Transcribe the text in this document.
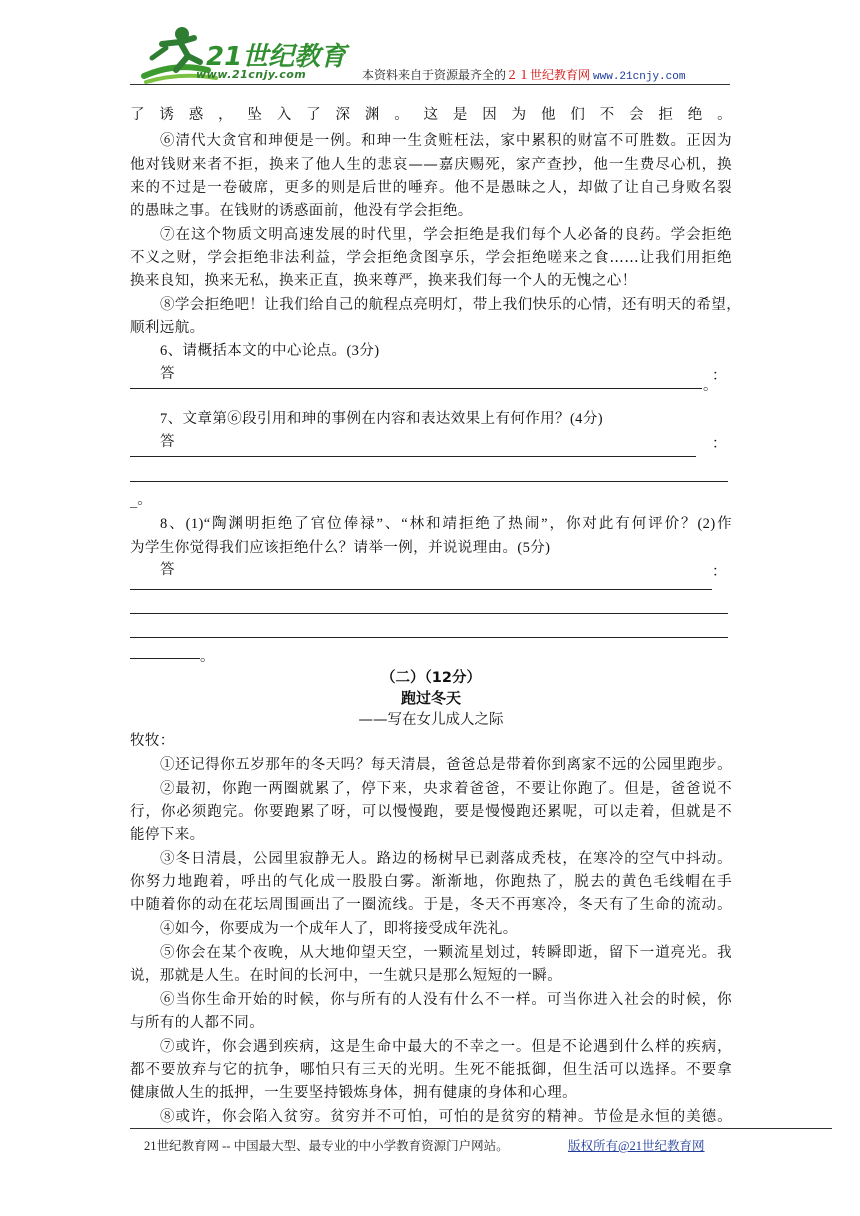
21世纪教育
www.21cnjy.com	本资料来自于资源最齐全的２１世纪教育网 www.21cnjy.com
了诱惑，坠入了深渊。这是因为他们不会拒绝。
⑥清代大贪官和珅便是一例。和珅一生贪赃枉法，家中累积的财富不可胜数。正因为
他对钱财来者不拒，换来了他人生的悲哀——嘉庆赐死，家产查抄，他一生费尽心机，换
来的不过是一卷破席，更多的则是后世的唾弃。他不是愚昧之人，却做了让自己身败名裂
的愚昧之事。在钱财的诱惑面前，他没有学会拒绝。
⑦在这个物质文明高速发展的时代里，学会拒绝是我们每个人必备的良药。学会拒绝
不义之财，学会拒绝非法利益，学会拒绝贪图享乐，学会拒绝嗟来之食……让我们用拒绝
换来良知，换来无私，换来正直，换来尊严，换来我们每一个人的无愧之心！
⑧学会拒绝吧！让我们给自己的航程点亮明灯，带上我们快乐的心情，还有明天的希望，
顺利远航。
6、请概括本文的中心论点。(3分)
答	：
。
7、文章第⑥段引用和珅的事例在内容和表达效果上有何作用？(4分)
答	：
_。
8、(1)“陶渊明拒绝了官位俸禄”、“林和靖拒绝了热闹”，你对此有何评价？(2)作
为学生你觉得我们应该拒绝什么？请举一例，并说说理由。(5分)
答	：
。
（二）（12分）
跑过冬天
——写在女儿成人之际
牧牧：
①还记得你五岁那年的冬天吗？每天清晨，爸爸总是带着你到离家不远的公园里跑步。
②最初，你跑一两圈就累了，停下来，央求着爸爸，不要让你跑了。但是，爸爸说不
行，你必须跑完。你要跑累了呀，可以慢慢跑，要是慢慢跑还累呢，可以走着，但就是不
能停下来。
③冬日清晨，公园里寂静无人。路边的杨树早已剥落成秃枝，在寒冷的空气中抖动。
你努力地跑着，呼出的气化成一股股白雾。渐渐地，你跑热了，脱去的黄色毛线帽在手
中随着你的动在花坛周围画出了一圈流线。于是，冬天不再寒冷，冬天有了生命的流动。
④如今，你要成为一个成年人了，即将接受成年洗礼。
⑤你会在某个夜晚，从大地仰望天空，一颗流星划过，转瞬即逝，留下一道亮光。我
说，那就是人生。在时间的长河中，一生就只是那么短短的一瞬。
⑥当你生命开始的时候，你与所有的人没有什么不一样。可当你进入社会的时候，你
与所有的人都不同。
⑦或许，你会遇到疾病，这是生命中最大的不幸之一。但是不论遇到什么样的疾病，
都不要放弃与它的抗争，哪怕只有三天的光明。生死不能抵御，但生活可以选择。不要拿
健康做人生的抵押，一生要坚持锻炼身体，拥有健康的身体和心理。
⑧或许，你会陷入贫穷。贫穷并不可怕，可怕的是贫穷的精神。节俭是永恒的美德。
21世纪教育网 -- 中国最大型、最专业的中小学教育资源门户网站。	版权所有@21世纪教育网
